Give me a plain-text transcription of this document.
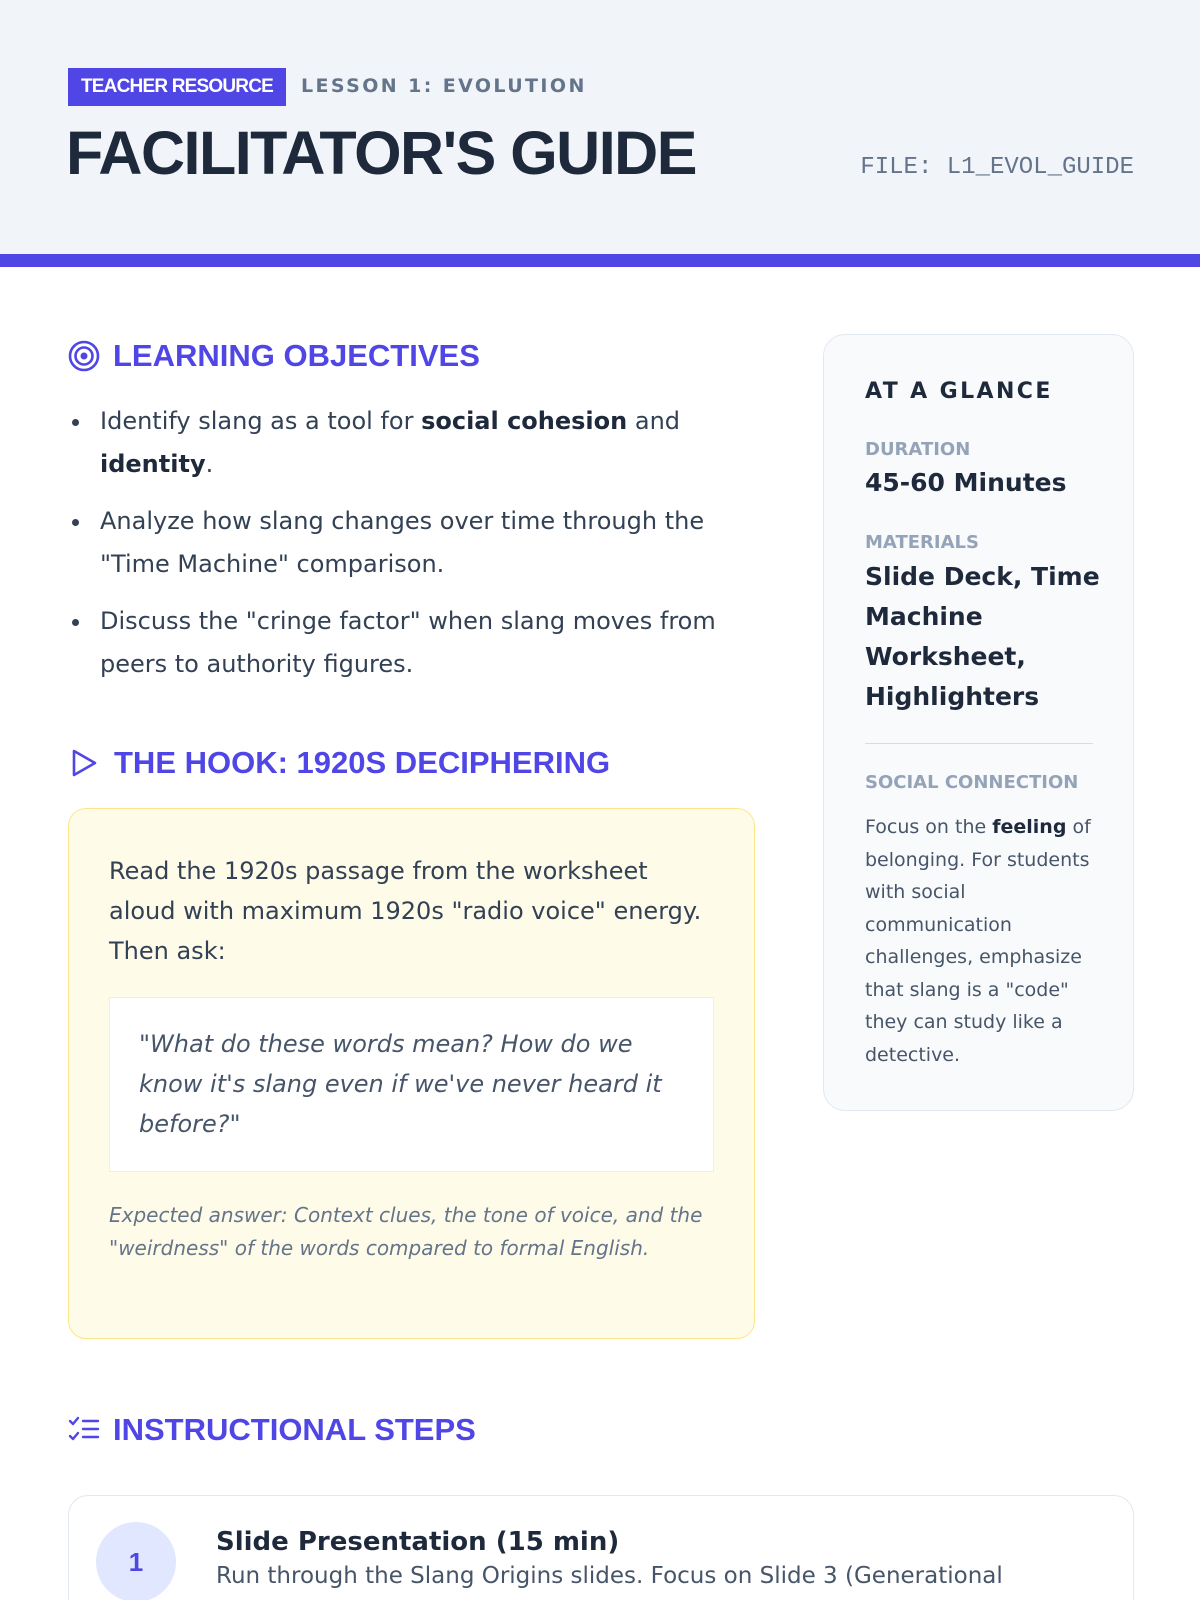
TEACHER RESOURCE	LESSON 1: EVOLUTION
FACILITATOR'S GUIDE	FILE: L1_EVOL_GUIDE
LEARNING OBJECTIVES
Identify slang as a tool for social cohesion and identity.
Analyze how slang changes over time through the "Time Machine" comparison.
Discuss the "cringe factor" when slang moves from peers to authority figures.
THE HOOK: 1920S DECIPHERING
Read the 1920s passage from the worksheet aloud with maximum 1920s "radio voice" energy. Then ask:
"What do these words mean? How do we know it's slang even if we've never heard it before?"
Expected answer: Context clues, the tone of voice, and the "weirdness" of the words compared to formal English.
AT A GLANCE
DURATION
45-60 Minutes
MATERIALS
Slide Deck, Time Machine Worksheet, Highlighters
SOCIAL CONNECTION
Focus on the feeling of belonging. For students with social communication challenges, emphasize that slang is a "code" they can study like a detective.
INSTRUCTIONAL STEPS
1
Slide Presentation (15 min)
Run through the Slang Origins slides. Focus on Slide 3 (Generational
